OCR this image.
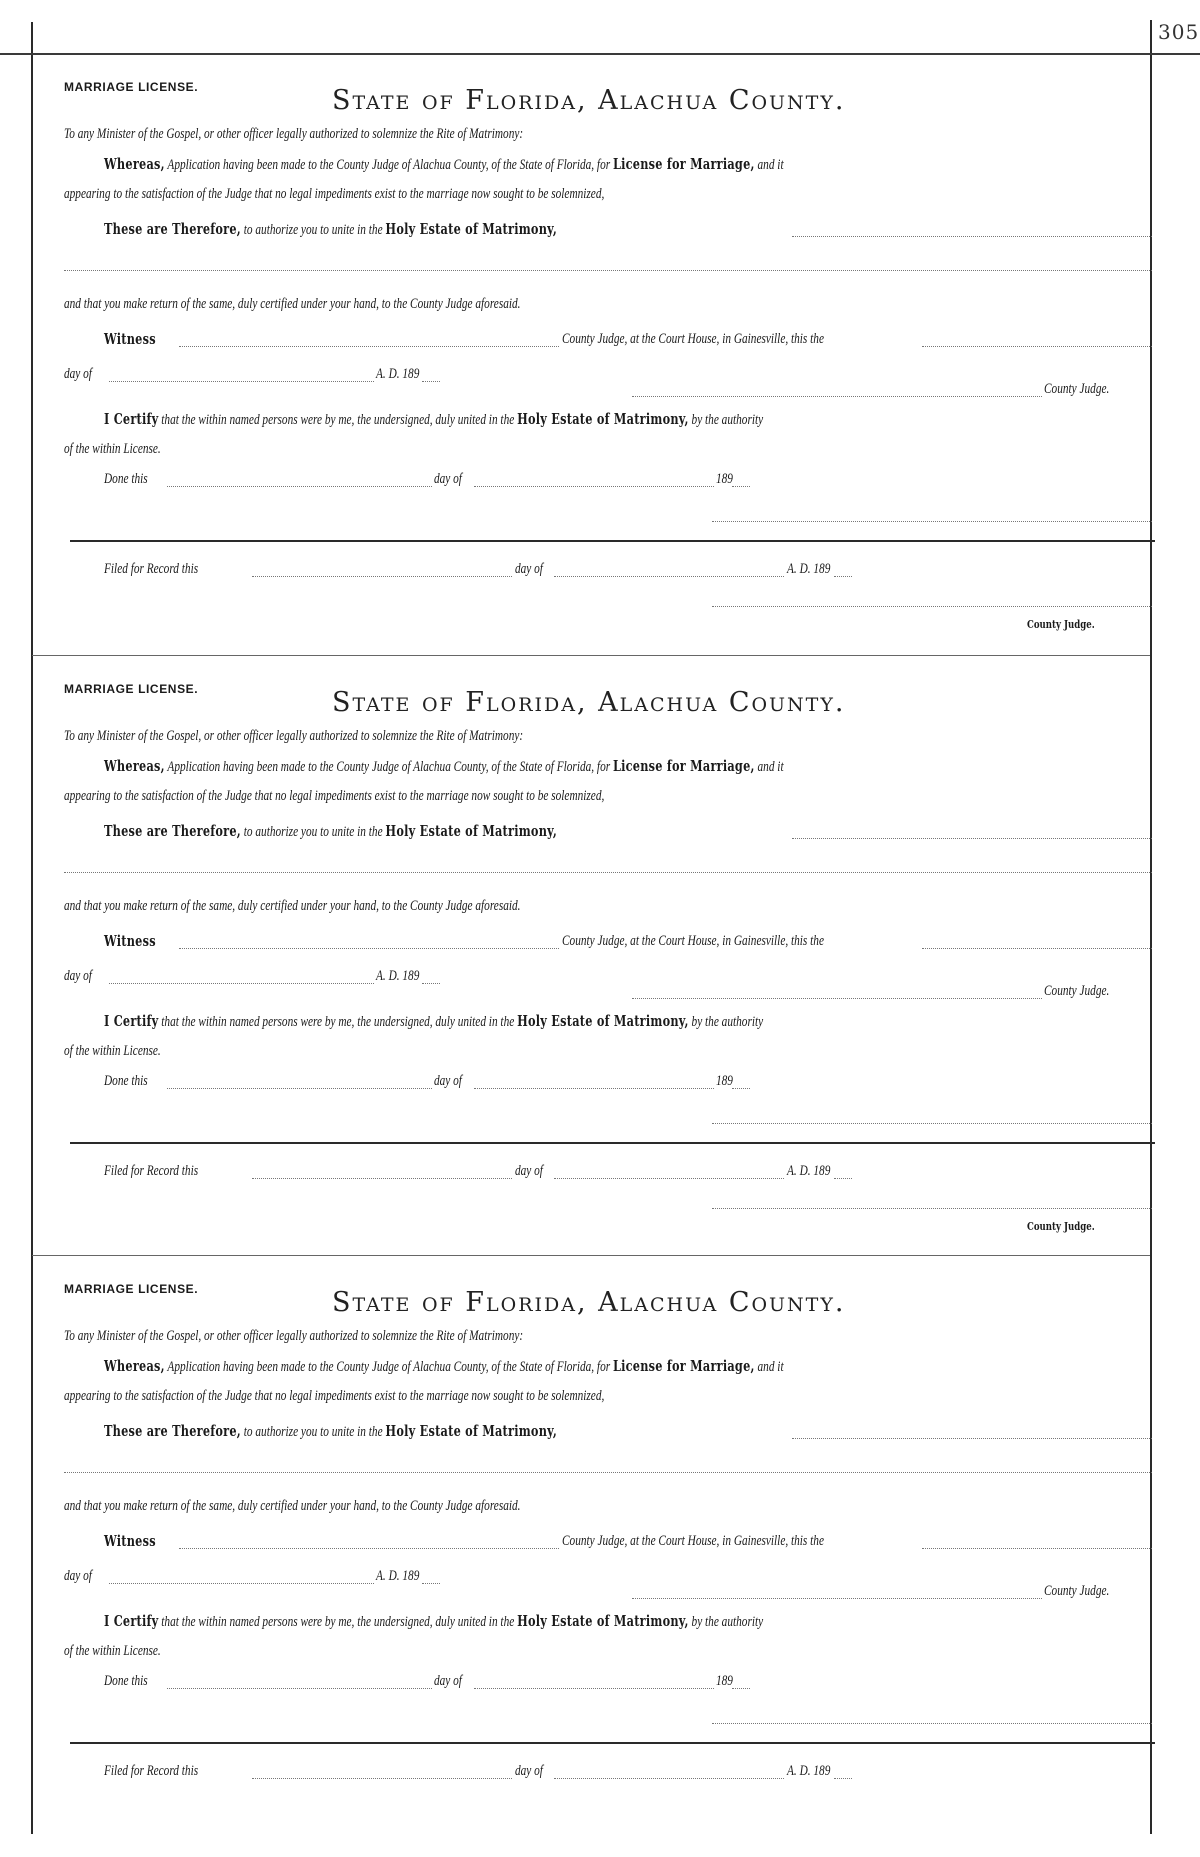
305
MARRIAGE LICENSE.	State of Florida, Alachua County.
To any Minister of the Gospel, or other officer legally authorized to solemnize the Rite of Matrimony:
Whereas, Application having been made to the County Judge of Alachua County, of the State of Florida, for License for Marriage, and it
appearing to the satisfaction of the Judge that no legal impediments exist to the marriage now sought to be solemnized,
These are Therefore, to authorize you to unite in the Holy Estate of Matrimony,
and that you make return of the same, duly certified under your hand, to the County Judge aforesaid.
Witness	County Judge, at the Court House, in Gainesville, this the
day of	A. D. 189
County Judge.
I Certify that the within named persons were by me, the undersigned, duly united in the Holy Estate of Matrimony, by the authority
of the within License.
Done this	day of	189
Filed for Record this	day of	A. D. 189
County Judge.
MARRIAGE LICENSE.	State of Florida, Alachua County.
To any Minister of the Gospel, or other officer legally authorized to solemnize the Rite of Matrimony:
Whereas, Application having been made to the County Judge of Alachua County, of the State of Florida, for License for Marriage, and it
appearing to the satisfaction of the Judge that no legal impediments exist to the marriage now sought to be solemnized,
These are Therefore, to authorize you to unite in the Holy Estate of Matrimony,
and that you make return of the same, duly certified under your hand, to the County Judge aforesaid.
Witness	County Judge, at the Court House, in Gainesville, this the
day of	A. D. 189
County Judge.
I Certify that the within named persons were by me, the undersigned, duly united in the Holy Estate of Matrimony, by the authority
of the within License.
Done this	day of	189
Filed for Record this	day of	A. D. 189
County Judge.
MARRIAGE LICENSE.	State of Florida, Alachua County.
To any Minister of the Gospel, or other officer legally authorized to solemnize the Rite of Matrimony:
Whereas, Application having been made to the County Judge of Alachua County, of the State of Florida, for License for Marriage, and it
appearing to the satisfaction of the Judge that no legal impediments exist to the marriage now sought to be solemnized,
These are Therefore, to authorize you to unite in the Holy Estate of Matrimony,
and that you make return of the same, duly certified under your hand, to the County Judge aforesaid.
Witness	County Judge, at the Court House, in Gainesville, this the
day of	A. D. 189
County Judge.
I Certify that the within named persons were by me, the undersigned, duly united in the Holy Estate of Matrimony, by the authority
of the within License.
Done this	day of	189
Filed for Record this	day of	A. D. 189
